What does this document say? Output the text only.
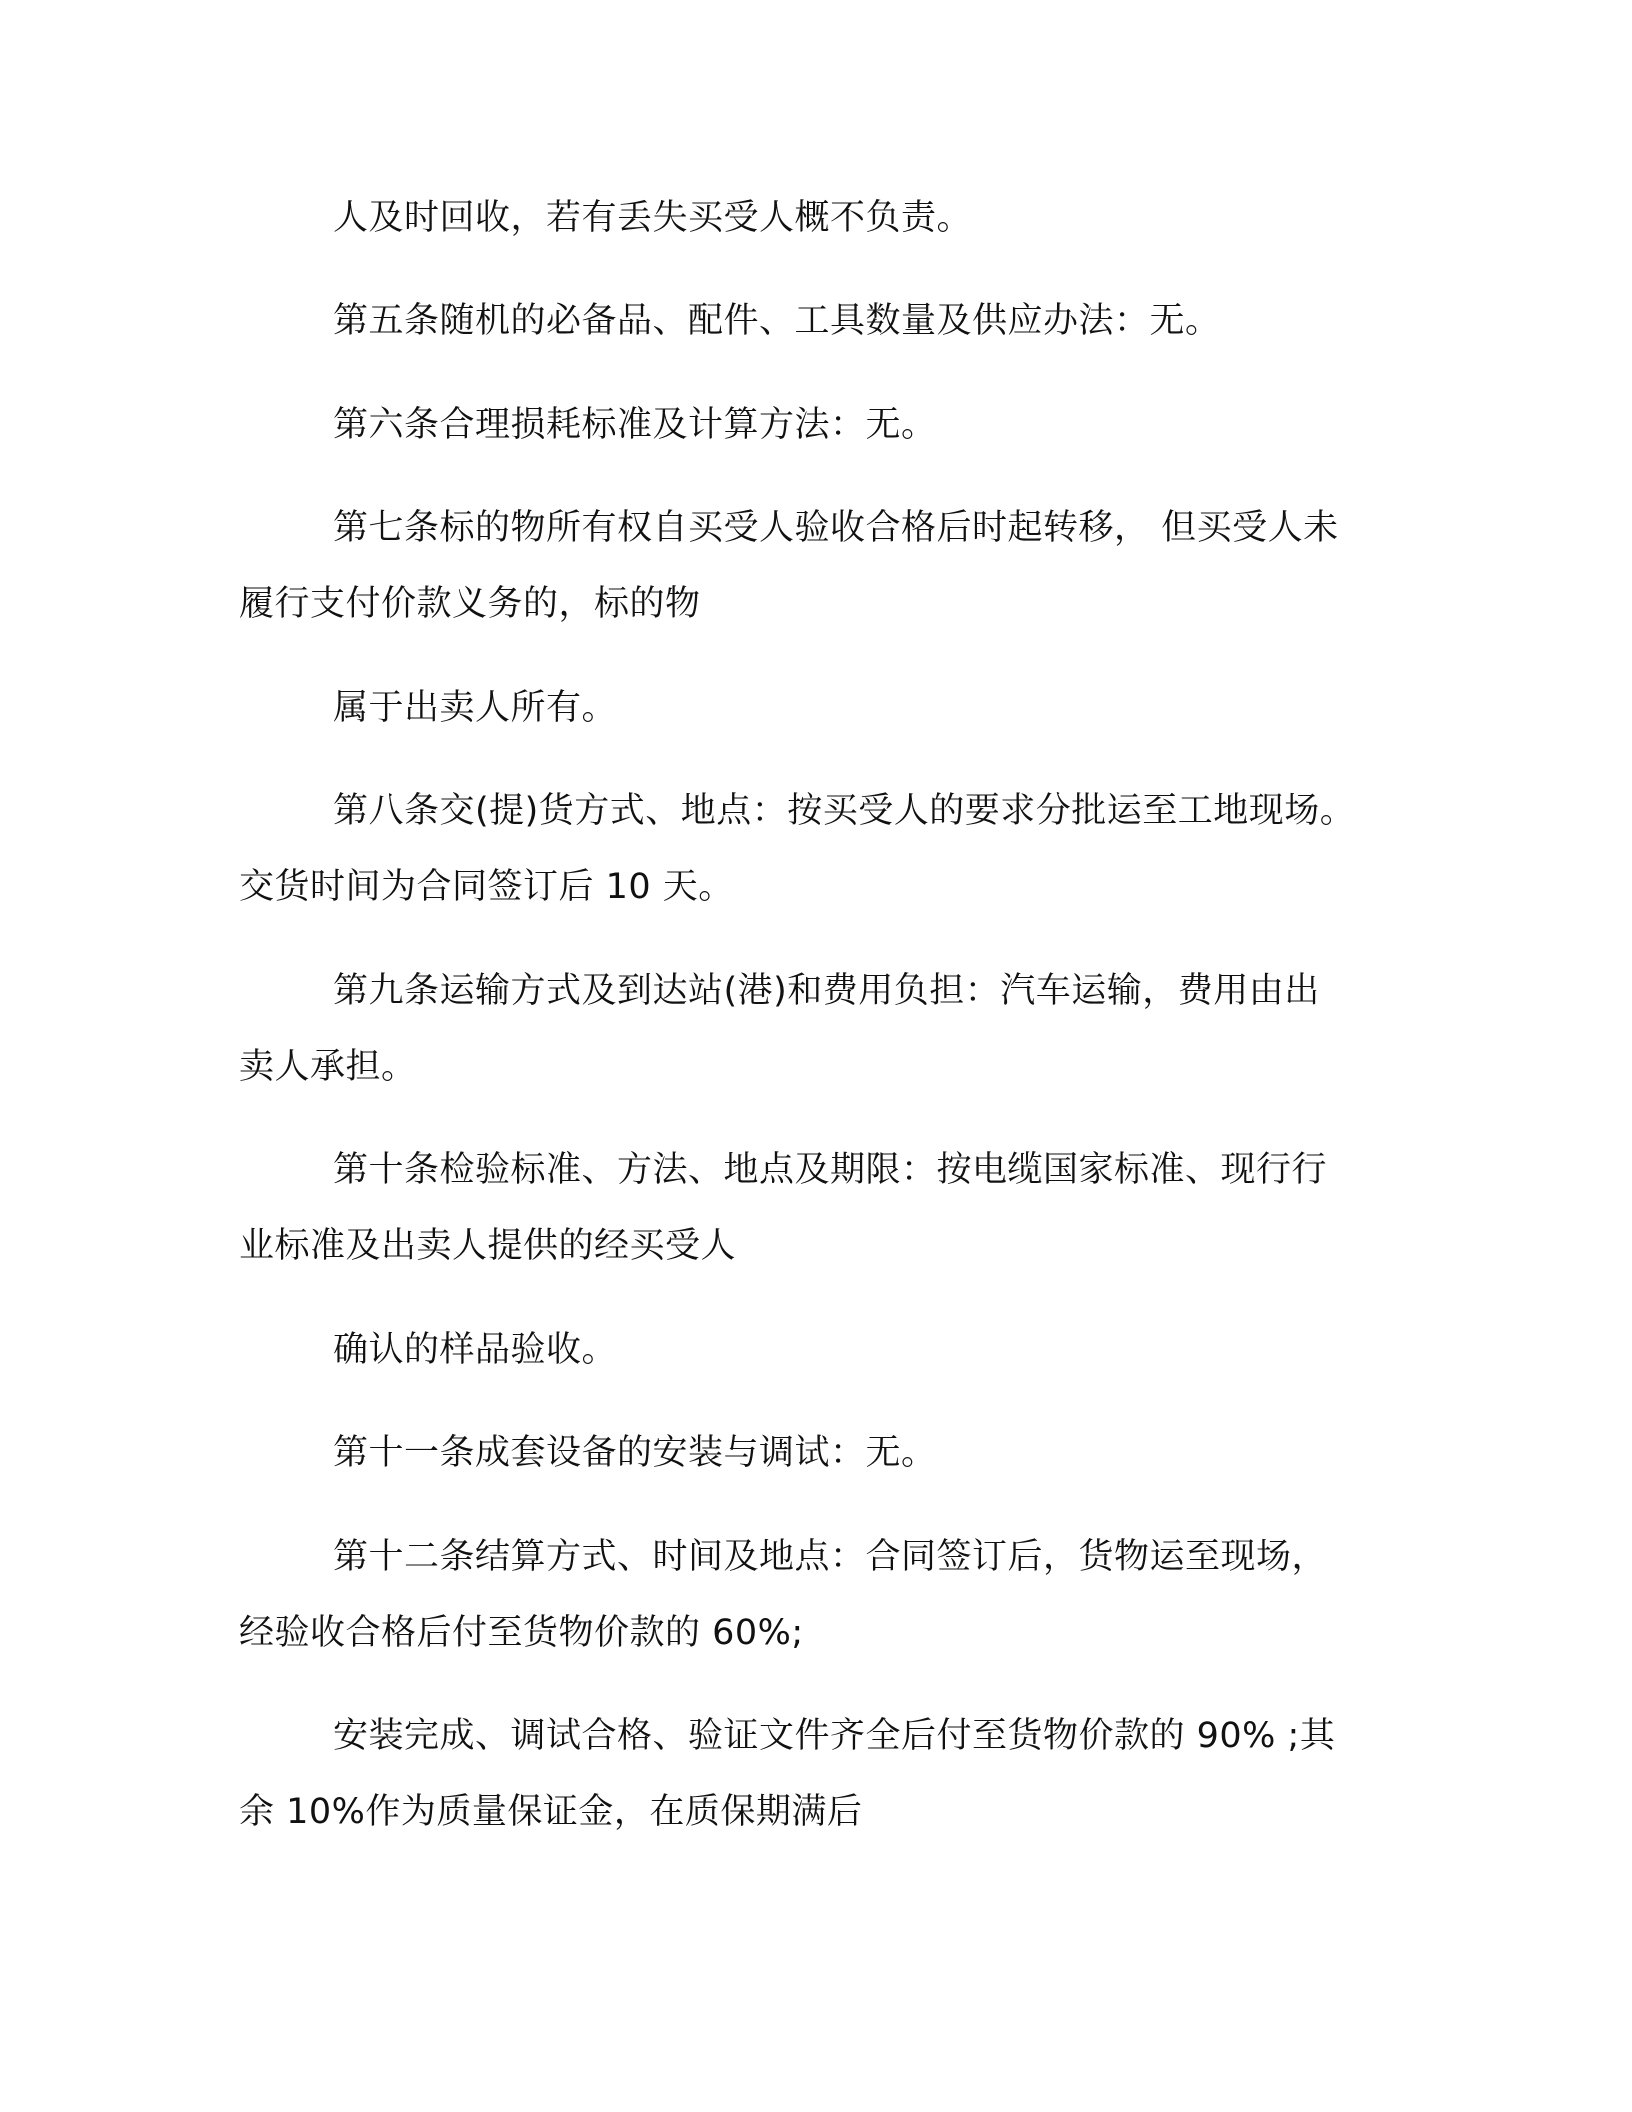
人及时回收，若有丢失买受人概不负责。

第五条随机的必备品、配件、工具数量及供应办法：无。

第六条合理损耗标准及计算方法：无。

第七条标的物所有权自买受人验收合格后时起转移， 但买受人未

履行支付价款义务的，标的物

属于出卖人所有。

第八条交(提)货方式、地点：按买受人的要求分批运至工地现场。

交货时间为合同签订后 10 天。

第九条运输方式及到达站(港)和费用负担：汽车运输，费用由出

卖人承担。

第十条检验标准、方法、地点及期限：按电缆国家标准、现行行

业标准及出卖人提供的经买受人

确认的样品验收。

第十一条成套设备的安装与调试：无。

第十二条结算方式、时间及地点：合同签订后，货物运至现场，

经验收合格后付至货物价款的 60%;

安装完成、调试合格、验证文件齐全后付至货物价款的 90% ;其

余 10%作为质量保证金，在质保期满后
